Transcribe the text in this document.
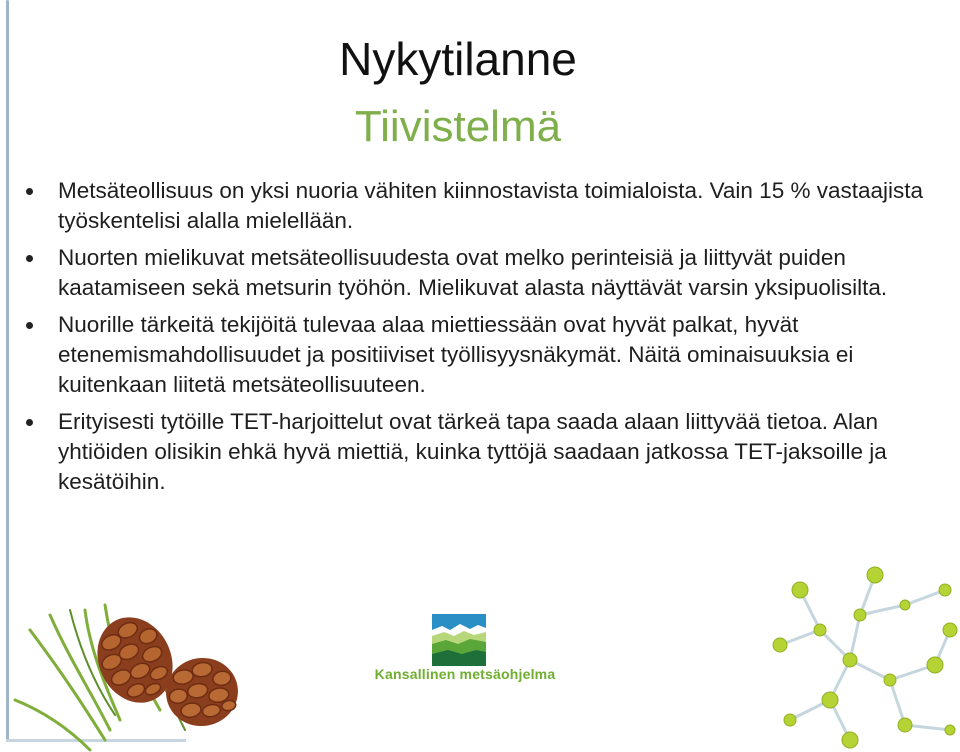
Nykytilanne
Tiivistelmä
Metsäteollisuus on yksi nuoria vähiten kiinnostavista toimialoista. Vain 15 % vastaajista työskentelisi alalla mielellään.
Nuorten mielikuvat metsäteollisuudesta ovat melko perinteisiä ja liittyvät puiden kaatamiseen sekä metsurin työhön. Mielikuvat alasta näyttävät varsin yksipuolisilta.
Nuorille tärkeitä tekijöitä tulevaa alaa miettiessään ovat hyvät palkat, hyvät etenemismahdollisuudet ja positiiviset työllisyysnäkymät. Näitä ominaisuuksia ei kuitenkaan liitetä metsäteollisuuteen.
Erityisesti tytöille TET-harjoittelut ovat tärkeä tapa saada alaan liittyvää tietoa. Alan yhtiöiden olisikin ehkä hyvä miettiä, kuinka tyttöjä saadaan jatkossa TET-jaksoille ja kesätöihin.
Kansallinen metsäohjelma
